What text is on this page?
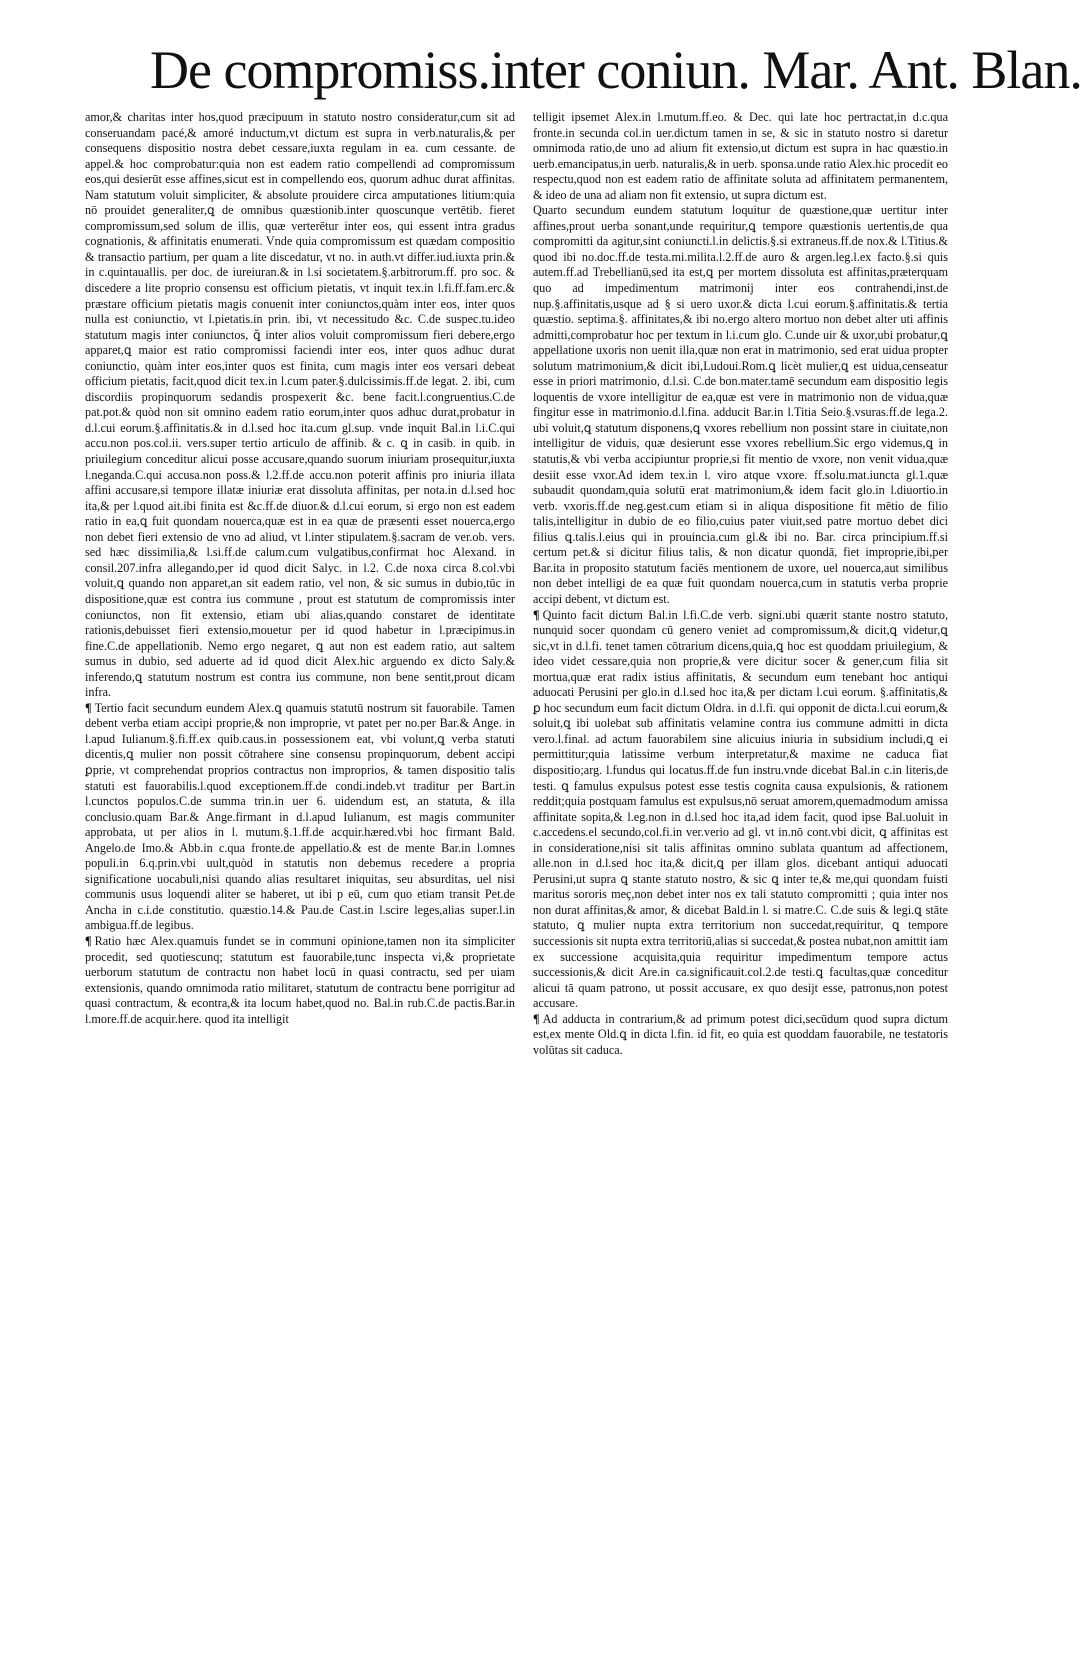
De compromiss.inter coniun. Mar. Ant. Blan.

amor,& charitas inter hos,quod præcipuum in statuto nostro consideratur,cum sit ad conseruandam pacé,& amoré inductum,vt dictum est supra in verb.naturalis,& per consequens dispositio nostra debet cessare,iuxta regulam in ea. cum cessante. de appel.& hoc comprobatur:quia non est eadem ratio compellendi ad compromissum eos,qui desierūt esse affines,sicut est in compellendo eos, quorum adhuc durat affinitas. Nam statutum voluit simpliciter, & absolute prouidere circa amputationes litium:quia nō prouidet generaliter,ꝗ de omnibus quæstionib.inter quoscunque vertētib. fieret compromissum,sed solum de illis, quæ verterētur inter eos, qui essent intra gradus cognationis, & affinitatis enumerati. Vnde quia compromissum est quædam compositio & transactio partium, per quam a lite discedatur, vt no. in auth.vt differ.iud.iuxta prin.& in c.quintauallis. per doc. de iureiuran.& in l.si societatem.§.arbitrorum.ff. pro soc. & discedere a lite proprio consensu est officium pietatis, vt inquit tex.in l.fi.ff.fam.erc.& præstare officium pietatis magis conuenit inter coniunctos,quàm inter eos, inter quos nulla est coniunctio, vt l.pietatis.in prin. ibi, vt necessitudo &c. C.de suspec.tu.ideo statutum magis inter coniunctos, ꝗ̃ inter alios voluit compromissum fieri debere,ergo apparet,ꝗ maior est ratio compromissi faciendi inter eos, inter quos adhuc durat coniunctio, quàm inter eos,inter quos est finita, cum magis inter eos versari debeat officium pietatis, facit,quod dicit tex.in l.cum pater.§.dulcissimis.ff.de legat. 2. ibi, cum discordiis propinquorum sedandis prospexerit &c. bene facit.l.congruentius.C.de pat.pot.& quòd non sit omnino eadem ratio eorum,inter quos adhuc durat,probatur in d.l.cui eorum.§.affinitatis.& in d.l.sed hoc ita.cum gl.sup. vnde inquit Bal.in l.i.C.qui accu.non pos.col.ii. vers.super tertio articulo de affinib. & c. ꝗ in casib. in quib. in priuilegium conceditur alicui posse accusare,quando suorum iniuriam prosequitur,iuxta l.neganda.C.qui accusa.non poss.& l.2.ff.de accu.non poterit affinis pro iniuria illata affini accusare,si tempore illatæ iniuriæ erat dissoluta affinitas, per nota.in d.l.sed hoc ita,& per l.quod ait.ibi finita est &c.ff.de diuor.& d.l.cui eorum, si ergo non est eadem ratio in ea,ꝗ fuit quondam nouerca,quæ est in ea quæ de præsenti esset nouerca,ergo non debet fieri extensio de vno ad aliud, vt l.inter stipulatem.§.sacram de ver.ob. vers. sed hæc dissimilia,& l.si.ff.de calum.cum vulgatibus,confirmat hoc Alexand. in consil.207.infra allegando,per id quod dicit Salyc. in l.2. C.de noxa circa 8.col.vbi voluit,ꝗ quando non apparet,an sit eadem ratio, vel non, & sic sumus in dubio,tūc in dispositione,quæ est contra ius commune , prout est statutum de compromissis inter coniunctos, non fit extensio, etiam ubi alias,quando constaret de identitate rationis,debuisset fieri extensio,mouetur per id quod habetur in l.præcipimus.in fine.C.de appellationib. Nemo ergo negaret, ꝗ aut non est eadem ratio, aut saltem sumus in dubio, sed aduerte ad id quod dicit Alex.hic arguendo ex dicto Saly.& inferendo,ꝗ statutum nostrum est contra ius commune, non bene sentit,prout dicam infra.

¶ Tertio facit secundum eundem Alex.ꝗ quamuis statutū nostrum sit fauorabile. Tamen debent verba etiam accipi proprie,& non improprie, vt patet per no.per Bar.& Ange. in l.apud Iulianum.§.fi.ff.ex quib.caus.in possessionem eat, vbi volunt,ꝗ verba statuti dicentis,ꝗ mulier non possit cōtrahere sine consensu propinquorum, debent accipi ꝑprie, vt comprehendat proprios contractus non improprios, & tamen dispositio talis statuti est fauorabilis.l.quod exceptionem.ff.de condi.indeb.vt traditur per Bart.in l.cunctos populos.C.de summa trin.in uer 6. uidendum est, an statuta, & illa conclusio.quam Bar.& Ange.firmant in d.l.apud Iulianum, est magis communiter approbata, ut per alios in l. mutum.§.1.ff.de acquir.hæred.vbi hoc firmant Bald. Angelo.de Imo.& Abb.in c.qua fronte.de appellatio.& est de mente Bar.in l.omnes populi.in 6.q.prin.vbi uult,quòd in statutis non debemus recedere a propria significatione uocabuli,nisi quando alias resultaret iniquitas, seu absurditas, uel nisi communis usus loquendi aliter se haberet, ut ibi p eū, cum quo etiam transit Pet.de Ancha in c.i.de constitutio. quæstio.14.& Pau.de Cast.in l.scire leges,alias super.l.in ambigua.ff.de legibus.

¶ Ratio hæc Alex.quamuis fundet se in communi opinione,tamen non ita simpliciter procedit, sed quotiescunq; statutum est fauorabile,tunc inspecta vi,& proprietate uerborum statutum de contractu non habet locū in quasi contractu, sed per uiam extensionis, quando omnimoda ratio militaret, statutum de contractu bene porrigitur ad quasi contractum, & econtra,& ita locum habet,quod no. Bal.in rub.C.de pactis.Bar.in l.more.ff.de acquir.here. quod ita intelligit

telligit ipsemet Alex.in l.mutum.ff.eo. & Dec. qui late hoc pertractat,in d.c.qua fronte.in secunda col.in uer.dictum tamen in se, & sic in statuto nostro si daretur omnimoda ratio,de uno ad alium fit extensio,ut dictum est supra in hac quæstio.in uerb.emancipatus,in uerb. naturalis,& in uerb. sponsa.unde ratio Alex.hic procedit eo respectu,quod non est eadem ratio de affinitate soluta ad affinitatem permanentem, & ideo de una ad aliam non fit extensio, ut supra dictum est.

Quarto secundum eundem statutum loquitur de quæstione,quæ uertitur inter affines,prout uerba sonant,unde requiritur,ꝗ tempore quæstionis uertentis,de qua compromitti da agitur,sint coniuncti.l.in delictis.§.si extraneus.ff.de nox.& l.Titius.& quod ibi no.doc.ff.de testa.mi.milita.l.2.ff.de auro & argen.leg.l.ex facto.§.si quis autem.ff.ad Trebellianū,sed ita est,ꝗ per mortem dissoluta est affinitas,præterquam quo ad impedimentum matrimonij inter eos contrahendi,inst.de nup.§.affinitatis,usque ad § si uero uxor.& dicta l.cui eorum.§.affinitatis.& tertia quæstio. septima.§. affinitates,& ibi no.ergo altero mortuo non debet alter uti affinis admitti,comprobatur hoc per textum in l.i.cum glo. C.unde uir & uxor,ubi probatur,ꝗ appellatione uxoris non uenit illa,quæ non erat in matrimonio, sed erat uidua propter solutum matrimonium,& dicit ibi,Ludoui.Rom.ꝗ licèt mulier,ꝗ est uidua,censeatur esse in priori matrimonio, d.l.si. C.de bon.mater.tamē secundum eam dispositio legis loquentis de vxore intelligitur de ea,quæ est vere in matrimonio non de vidua,quæ fingitur esse in matrimonio.d.l.fina. adducit Bar.in l.Titia Seio.§.vsuras.ff.de lega.2. ubi voluit,ꝗ statutum disponens,ꝗ vxores rebellium non possint stare in ciuitate,non intelligitur de viduis, quæ desierunt esse vxores rebellium.Sic ergo videmus,ꝗ in statutis,& vbi verba accipiuntur proprie,si fit mentio de vxore, non venit vidua,quæ desiit esse vxor.Ad idem tex.in l. viro atque vxore. ff.solu.mat.iuncta gl.1.quæ subaudit quondam,quia solutū erat matrimonium,& idem facit glo.in l.diuortio.in verb. vxoris.ff.de neg.gest.cum etiam si in aliqua dispositione fit mētio de filio talis,intelligitur in dubio de eo filio,cuius pater viuit,sed patre mortuo debet dici filius ꝗ.talis.l.eius qui in prouincia.cum gl.& ibi no. Bar. circa principium.ff.si certum pet.& si dicitur filius talis, & non dicatur quondā, fiet improprie,ibi,per Bar.ita in proposito statutum faciēs mentionem de uxore, uel nouerca,aut similibus non debet intelligi de ea quæ fuit quondam nouerca,cum in statutis verba proprie accipi debent, vt dictum est.

¶ Quinto facit dictum Bal.in l.fi.C.de verb. signi.ubi quærit stante nostro statuto, nunquid socer quondam cū genero veniet ad compromissum,& dicit,ꝗ videtur,ꝗ sic,vt in d.l.fi. tenet tamen cōtrarium dicens,quia,ꝗ hoc est quoddam priuilegium, & ideo videt cessare,quia non proprie,& vere dicitur socer & gener,cum filia sit mortua,quæ erat radix istius affinitatis, & secundum eum tenebant hoc antiqui aduocati Perusini per glo.in d.l.sed hoc ita,& per dictam l.cui eorum. §.affinitatis,& ꝑ hoc secundum eum facit dictum Oldra. in d.l.fi. qui opponit de dicta.l.cui eorum,& soluit,ꝗ ibi uolebat sub affinitatis velamine contra ius commune admitti in dicta vero.l.final. ad actum fauorabilem sine alicuius iniuria in subsidium includi,ꝗ ei permittitur;quia latissime verbum interpretatur,& maxime ne caduca fiat dispositio;arg. l.fundus qui locatus.ff.de fun instru.vnde dicebat Bal.in c.in literis,de testi. ꝗ famulus expulsus potest esse testis cognita causa expulsionis, & rationem reddit;quia postquam famulus est expulsus,nō seruat amorem,quemadmodum amissa affinitate sopita,& l.eg.non in d.l.sed hoc ita,ad idem facit, quod ipse Bal.uoluit in c.accedens.el secundo,col.fi.in ver.verio ad gl. vt in.nō cont.vbi dicit, ꝗ affinitas est in consideratione,nisi sit talis affinitas omnino sublata quantum ad affectionem, alle.non in d.l.sed hoc ita,& dicit,ꝗ per illam glos. dicebant antiqui aduocati Perusini,ut supra ꝗ stante statuto nostro, & sic ꝗ inter te,& me,qui quondam fuisti maritus sororis meç,non debet inter nos ex tali statuto compromitti ; quia inter nos non durat affinitas,& amor, & dicebat Bald.in l. si matre.C. C.de suis & legi.ꝗ stāte statuto, ꝗ mulier nupta extra territorium non succedat,requiritur, ꝗ tempore successionis sit nupta extra territoriū,alias si succedat,& postea nubat,non amittit iam ex successione acquisita,quia requiritur impedimentum tempore actus successionis,& dicit Are.in ca.significauit.col.2.de testi.ꝗ facultas,quæ conceditur alicui tā quam patrono, ut possit accusare, ex quo desijt esse, patronus,non potest accusare.

¶ Ad adducta in contrarium,& ad primum potest dici,secūdum quod supra dictum est,ex mente Old.ꝗ in dicta l.fin. id fit, eo quia est quoddam fauorabile, ne testatoris volūtas sit caduca.
